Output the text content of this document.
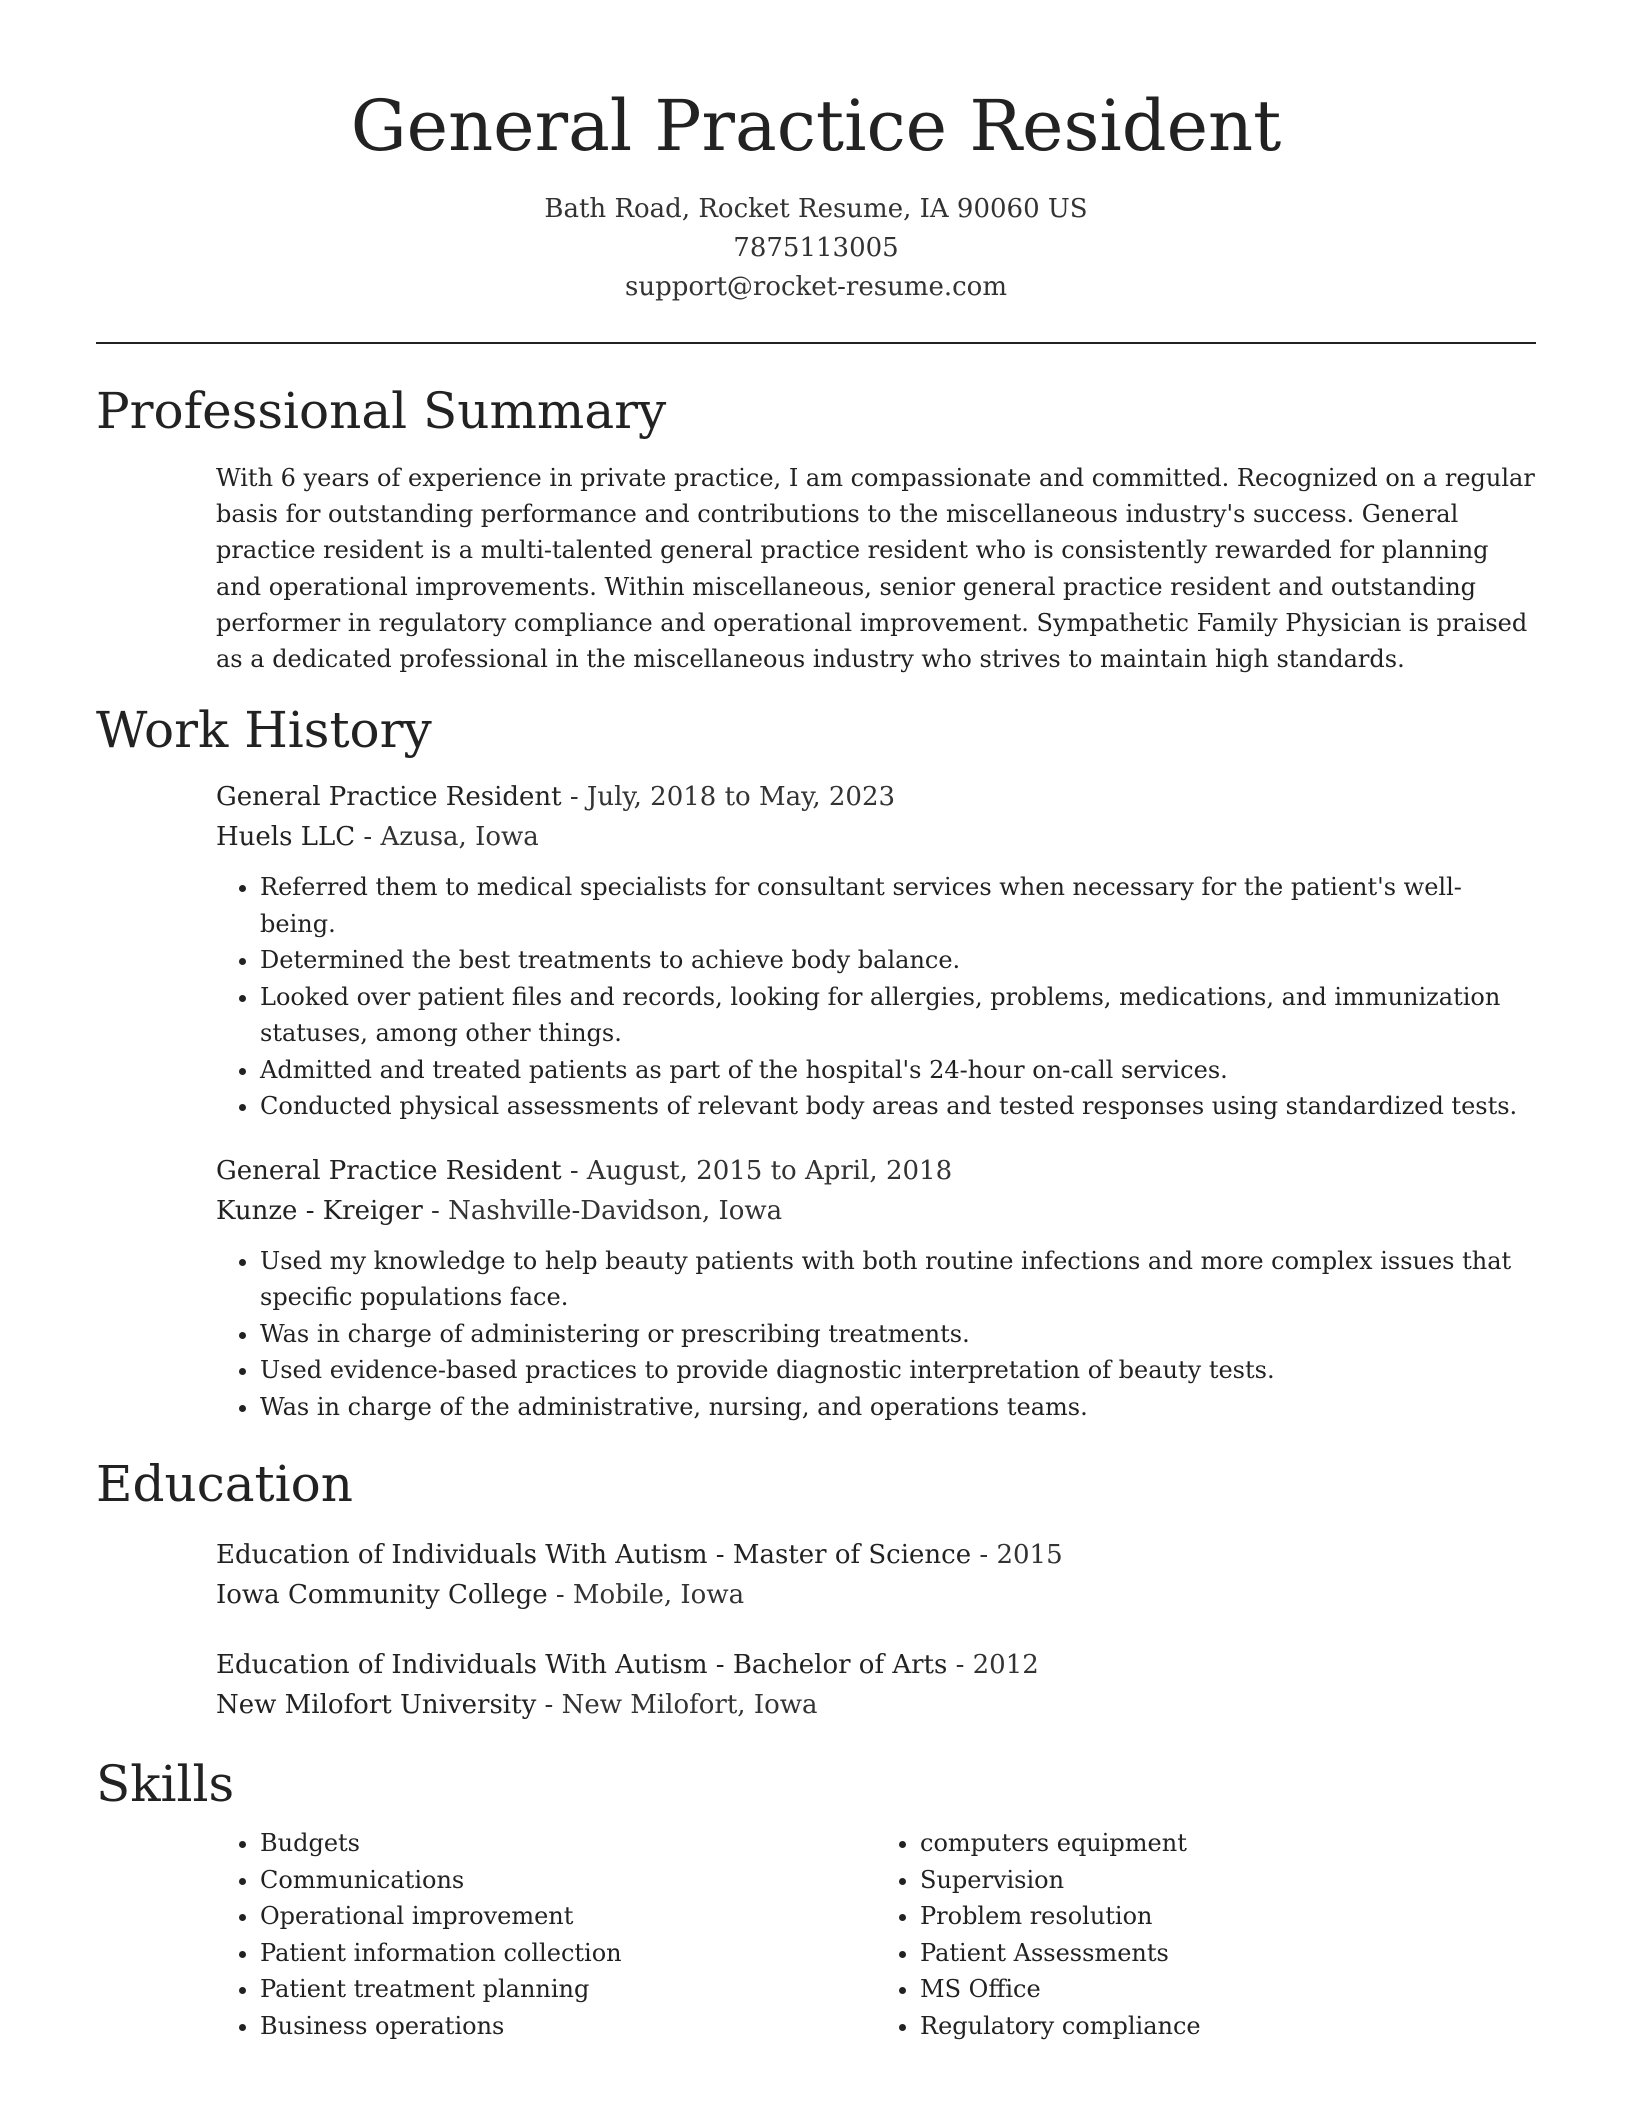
General Practice Resident
Bath Road, Rocket Resume, IA 90060 US
7875113005
support@rocket-resume.com
Professional Summary

With 6 years of experience in private practice, I am compassionate and committed. Recognized on a regular basis for outstanding performance and contributions to the miscellaneous industry's success. General practice resident is a multi-talented general practice resident who is consistently rewarded for planning and operational improvements. Within miscellaneous, senior general practice resident and outstanding performer in regulatory compliance and operational improvement. Sympathetic Family Physician is praised as a dedicated professional in the miscellaneous industry who strives to maintain high standards.

Work History
General Practice Resident - July, 2018 to May, 2023
Huels LLC - Azusa, Iowa
• Referred them to medical specialists for consultant services when necessary for the patient's well-being.
• Determined the best treatments to achieve body balance.
• Looked over patient files and records, looking for allergies, problems, medications, and immunization statuses, among other things.
• Admitted and treated patients as part of the hospital's 24-hour on-call services.
• Conducted physical assessments of relevant body areas and tested responses using standardized tests.
General Practice Resident - August, 2015 to April, 2018
Kunze - Kreiger - Nashville-Davidson, Iowa
• Used my knowledge to help beauty patients with both routine infections and more complex issues that specific populations face.
• Was in charge of administering or prescribing treatments.
• Used evidence-based practices to provide diagnostic interpretation of beauty tests.
• Was in charge of the administrative, nursing, and operations teams.
Education
Education of Individuals With Autism - Master of Science - 2015
Iowa Community College - Mobile, Iowa
Education of Individuals With Autism - Bachelor of Arts - 2012
New Milofort University - New Milofort, Iowa
Skills
• Budgets
• Communications
• Operational improvement
• Patient information collection
• Patient treatment planning
• Business operations
• computers equipment
• Supervision
• Problem resolution
• Patient Assessments
• MS Office
• Regulatory compliance
